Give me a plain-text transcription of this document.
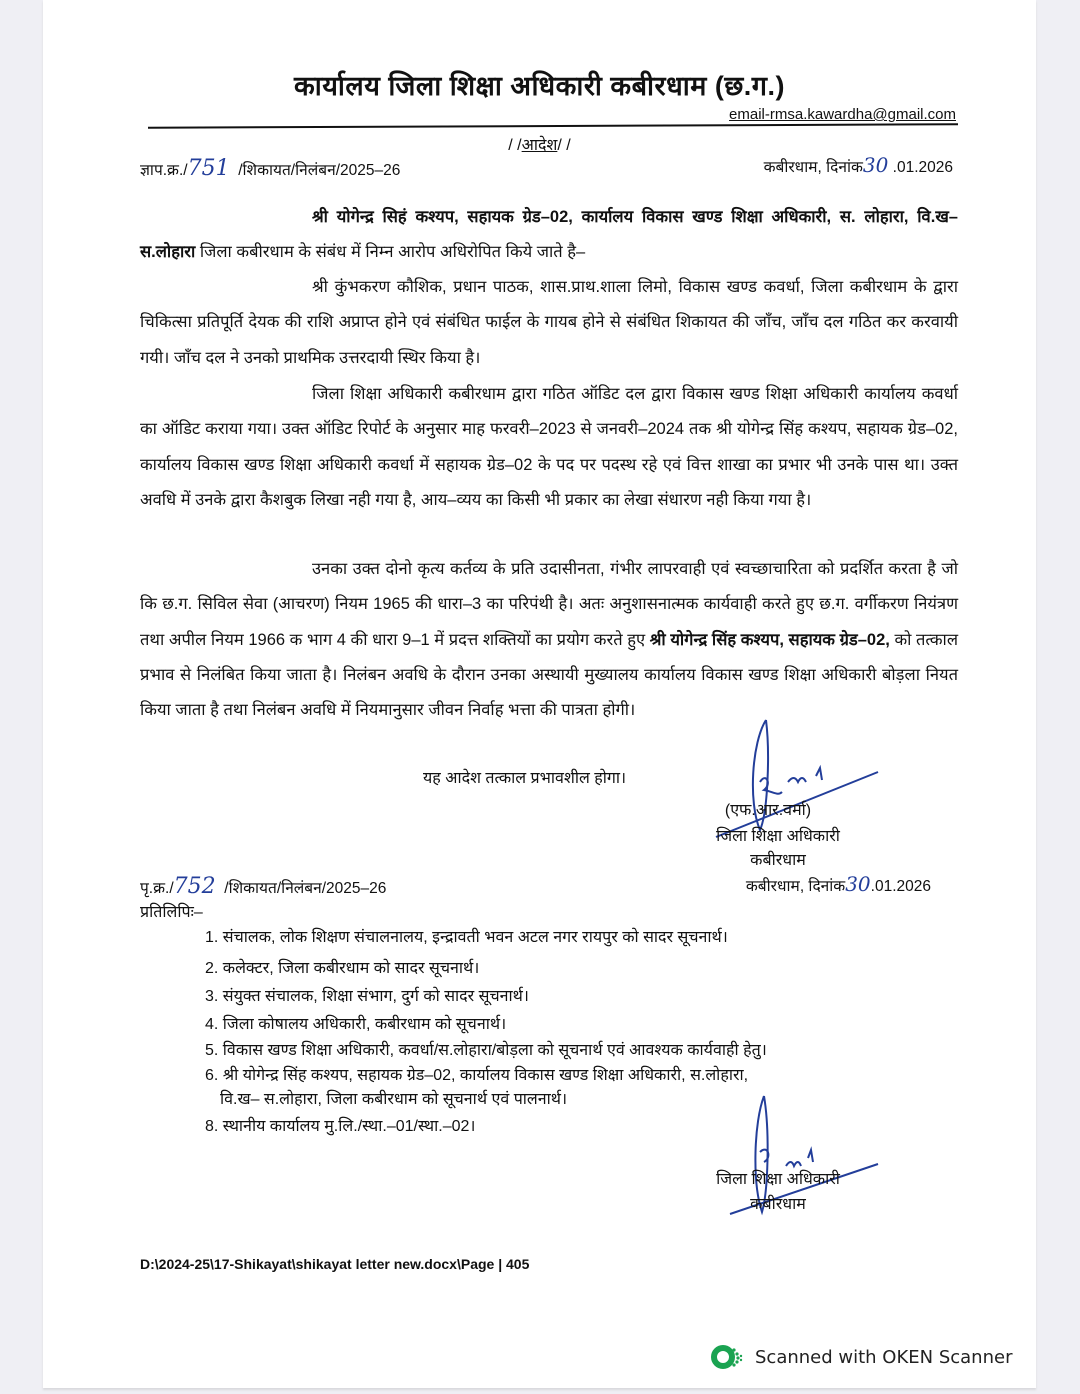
कार्यालय जिला शिक्षा अधिकारी कबीरधाम (छ.ग.)
email-rmsa.kawardha@gmail.com
/ /आदेश/ /
ज्ञाप.क्र./751 /शिकायत/निलंबन/2025–26	कबीरधाम, दिनांक30 .01.2026
श्री योगेन्द्र सिहं कश्यप, सहायक ग्रेड–02, कार्यालय विकास खण्ड शिक्षा अधिकारी, स. लोहारा, वि.ख– स.लोहारा जिला कबीरधाम के संबंध में निम्न आरोप अधिरोपित किये जाते है–
श्री कुंभकरण कौशिक, प्रधान पाठक, शास.प्राथ.शाला लिमो, विकास खण्ड कवर्धा, जिला कबीरधाम के द्वारा चिकित्सा प्रतिपूर्ति देयक की राशि अप्राप्त होने एवं संबंधित फाईल के गायब होने से संबंधित शिकायत की जाँच, जाँच दल गठित कर करवायी गयी। जाँच दल ने उनको प्राथमिक उत्तरदायी स्थिर किया है।
जिला शिक्षा अधिकारी कबीरधाम द्वारा गठित ऑडिट दल द्वारा विकास खण्ड शिक्षा अधिकारी कार्यालय कवर्धा का ऑडिट कराया गया। उक्त ऑडिट रिपोर्ट के अनुसार माह फरवरी–2023 से जनवरी–2024 तक श्री योगेन्द्र सिंह कश्यप, सहायक ग्रेड–02, कार्यालय विकास खण्ड शिक्षा अधिकारी कवर्धा में सहायक ग्रेड–02 के पद पर पदस्थ रहे एवं वित्त शाखा का प्रभार भी उनके पास था। उक्त अवधि में उनके द्वारा कैशबुक लिखा नही गया है, आय–व्यय का किसी भी प्रकार का लेखा संधारण नही किया गया है।
उनका उक्त दोनो कृत्य कर्तव्य के प्रति उदासीनता, गंभीर लापरवाही एवं स्वच्छाचारिता को प्रदर्शित करता है जो कि छ.ग. सिविल सेवा (आचरण) नियम 1965 की धारा–3 का परिपंथी है। अतः अनुशासनात्मक कार्यवाही करते हुए छ.ग. वर्गीकरण नियंत्रण तथा अपील नियम 1966 क भाग 4 की धारा 9–1 में प्रदत्त शक्तियों का प्रयोग करते हुए श्री योगेन्द्र सिंह कश्यप, सहायक ग्रेड–02, को तत्काल प्रभाव से निलंबित किया जाता है। निलंबन अवधि के दौरान उनका अस्थायी मुख्यालय कार्यालय विकास खण्ड शिक्षा अधिकारी बोड़ला नियत किया जाता है तथा निलंबन अवधि में नियमानुसार जीवन निर्वाह भत्ता की पात्रता होगी।
यह आदेश तत्काल प्रभावशील होगा।
(एफ.आर.वर्मा)
जिला शिक्षा अधिकारी
कबीरधाम
पृ.क्र./752 /शिकायत/निलंबन/2025–26	कबीरधाम, दिनांक30.01.2026
प्रतिलिपिः–
1. संचालक, लोक शिक्षण संचालनालय, इन्द्रावती भवन अटल नगर रायपुर को सादर सूचनार्थ।
2. कलेक्टर, जिला कबीरधाम को सादर सूचनार्थ।
3. संयुक्त संचालक, शिक्षा संभाग, दुर्ग को सादर सूचनार्थ।
4. जिला कोषालय अधिकारी, कबीरधाम को सूचनार्थ।
5. विकास खण्ड शिक्षा अधिकारी, कवर्धा/स.लोहारा/बोड़ला को सूचनार्थ एवं आवश्यक कार्यवाही हेतु।
6. श्री योगेन्द्र सिंह कश्यप, सहायक ग्रेड–02, कार्यालय विकास खण्ड शिक्षा अधिकारी, स.लोहारा,
वि.ख– स.लोहारा, जिला कबीरधाम को सूचनार्थ एवं पालनार्थ।
8. स्थानीय कार्यालय मु.लि./स्था.–01/स्था.–02।
जिला शिक्षा अधिकारी
कबीरधाम
D:\2024-25\17-Shikayat\shikayat letter new.docx\Page | 405
Scanned with OKEN Scanner
